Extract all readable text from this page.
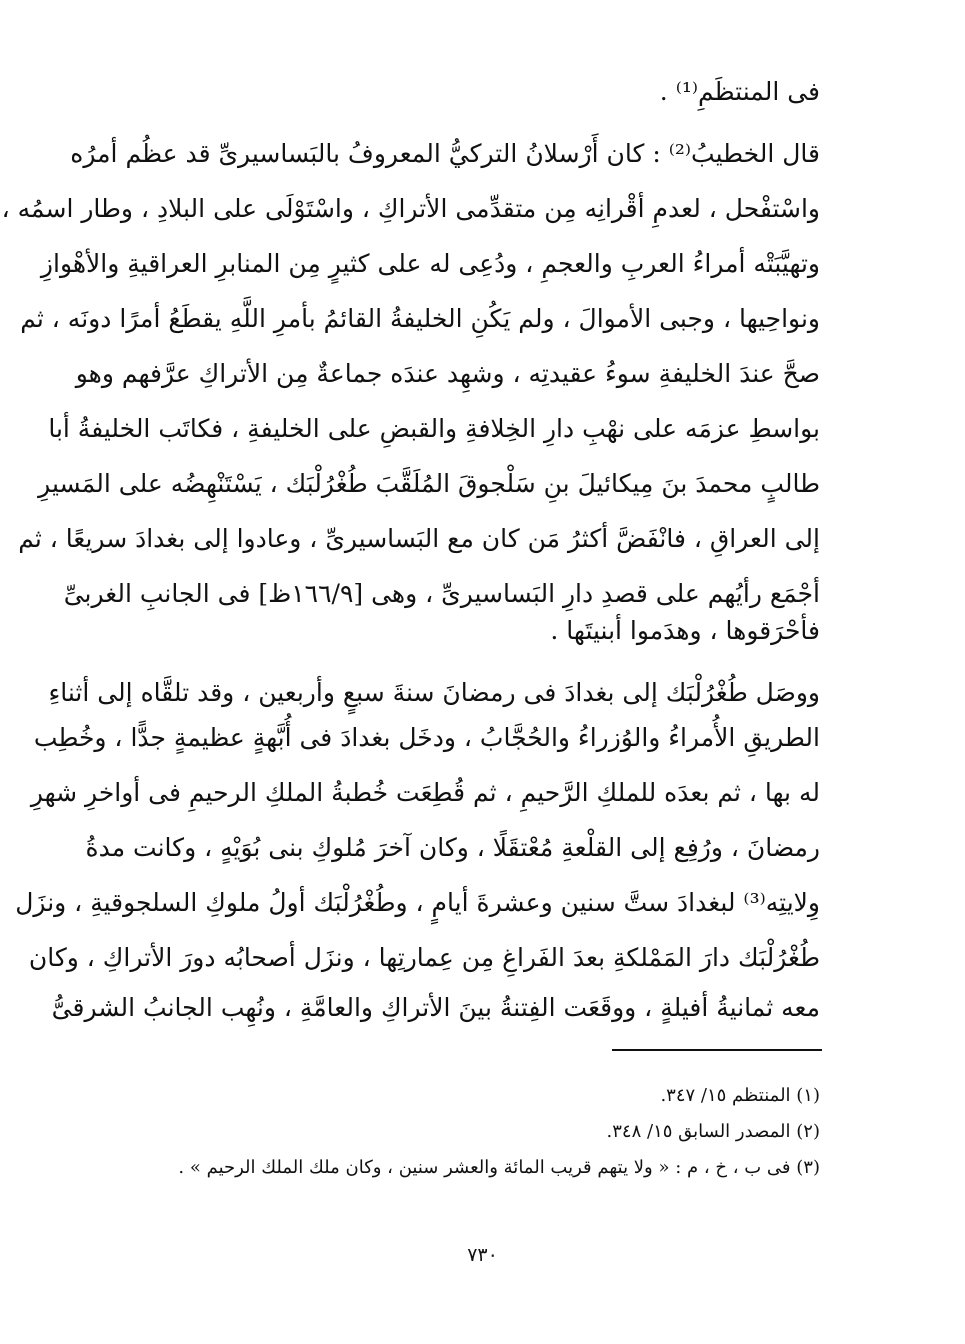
فى المنتظَمِ⁽¹⁾ .
قال الخطيبُ⁽²⁾ : كان أَرْسلانُ التركيُّ المعروفُ بالبَساسيرىِّ قد عظُم أمرُه
واسْتفْحل ، لعدمِ أقْرانِه مِن متقدِّمى الأتراكِ ، واسْتَوْلَى على البلادِ ، وطار اسمُه ،
وتهيَّبَتْه أمراءُ العربِ والعجمِ ، ودُعِى له على كثيرٍ مِن المنابرِ العراقيةِ والأهْوازِ
ونواحِيها ، وجبى الأموالَ ، ولم يَكُنِ الخليفةُ القائمُ بأمرِ اللَّهِ يقطَعُ أمرًا دونَه ، ثم
صحَّ عندَ الخليفةِ سوءُ عقيدتِه ، وشهِد عندَه جماعةٌ مِن الأتراكِ عرَّفهم وهو
بواسطِ عزمَه على نهْبِ دارِ الخِلافةِ والقبضِ على الخليفةِ ، فكاتَب الخليفةُ أبا
طالبٍ محمدَ بنَ مِيكائيلَ بنِ سَلْجوقَ المُلَقَّبَ طُغْرُلْبَك ، يَسْتَنْهِضُه على المَسيرِ
إلى العراقِ ، فانْفَضَّ أكثرُ مَن كان مع البَساسيرىِّ ، وعادوا إلى بغدادَ سريعًا ، ثم
أجْمَع رأيُهم على قصدِ دارِ البَساسيرىِّ ، وهى [١٦٦/٩ظ] فى الجانبِ الغربىِّ
فأحْرَقوها ، وهدَموا أبنيتَها .
ووصَل طُغْرُلْبَك إلى بغدادَ فى رمضانَ سنةَ سبعٍ وأربعين ، وقد تلقَّاه إلى أثناءِ
الطريقِ الأُمراءُ والوُزراءُ والحُجَّابُ ، ودخَل بغدادَ فى أُبَّهةٍ عظيمةٍ جدًّا ، وخُطِب
له بها ، ثم بعدَه للملكِ الرَّحيمِ ، ثم قُطِعَت خُطبةُ الملكِ الرحيمِ فى أواخرِ شهرِ
رمضانَ ، ورُفِع إلى القلْعةِ مُعْتقَلًا ، وكان آخرَ مُلوكِ بنى بُوَيْهٍ ، وكانت مدةُ
وِلايتِه⁽³⁾ لبغدادَ ستَّ سنين وعشرةَ أيامٍ ، وطُغْرُلْبَك أولُ ملوكِ السلجوقيةِ ، ونزَل
طُغْرُلْبَك دارَ المَمْلكةِ بعدَ الفَراغِ مِن عِمارتِها ، ونزَل أصحابُه دورَ الأتراكِ ، وكان
معه ثمانيةُ أفيلةٍ ، ووقَعَت الفِتنةُ بينَ الأتراكِ والعامَّةِ ، ونُهِب الجانبُ الشرقىُّ
(١) المنتظم ١٥/ ٣٤٧.
(٢) المصدر السابق ١٥/ ٣٤٨.
(٣) فى ب ، خ ، م : « ولا يتهم قريب المائة والعشر سنين ، وكان ملك الملك الرحيم » .
٧٣٠
